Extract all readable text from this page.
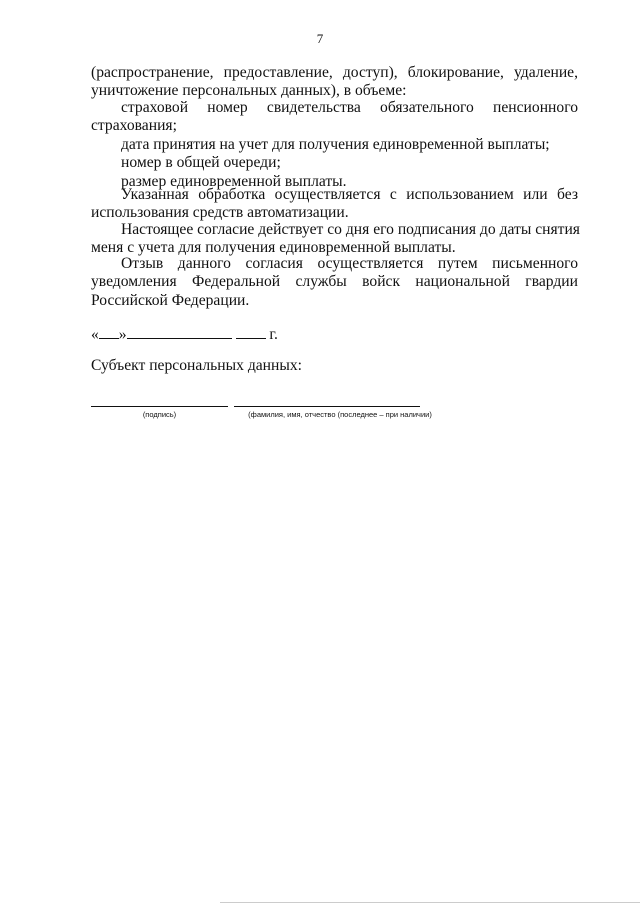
7
(распространение, предоставление, доступ), блокирование, удаление,
уничтожение персональных данных), в объеме:
страховой номер свидетельства обязательного пенсионного
страхования;
дата принятия на учет для получения единовременной выплаты;
номер в общей очереди;
размер единовременной выплаты.
Указанная обработка осуществляется с использованием или без
использования средств автоматизации.
Настоящее согласие действует со дня его подписания до даты снятия
меня с учета для получения единовременной выплаты.
Отзыв данного согласия осуществляется путем письменного
уведомления Федеральной службы войск национальной гвардии
Российской Федерации.
« »	г.
Субъект персональных данных:
(подпись)	(фамилия, имя, отчество (последнее – при наличии)
